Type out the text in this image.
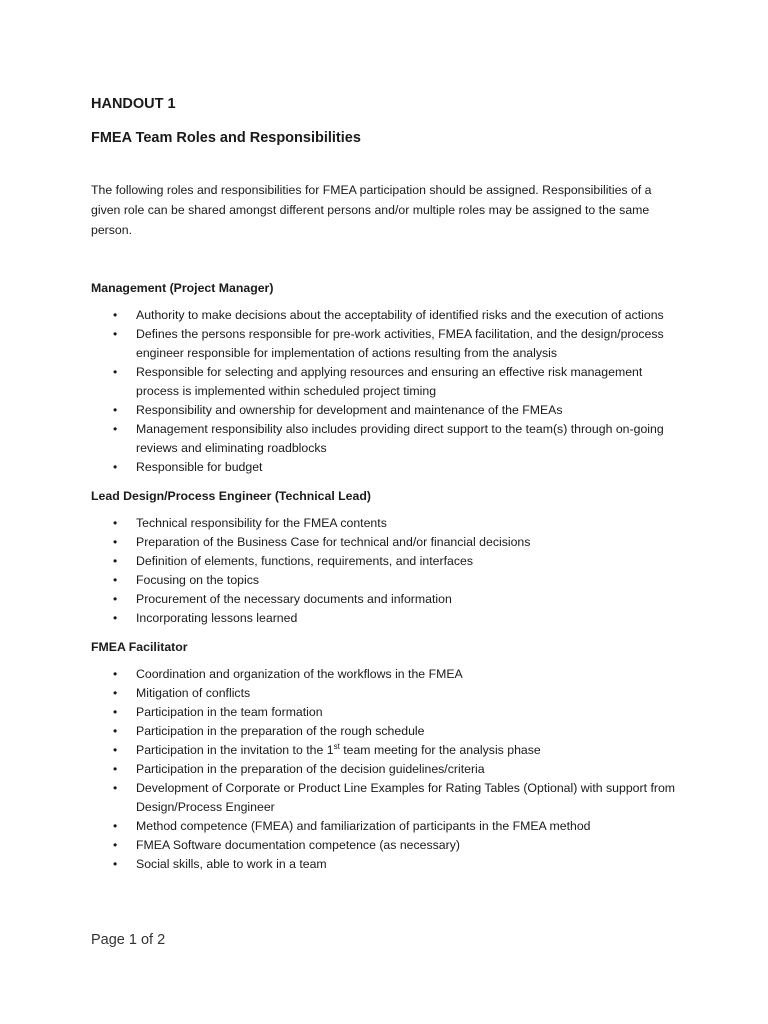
HANDOUT 1
FMEA Team Roles and Responsibilities

The following roles and responsibilities for FMEA participation should be assigned. Responsibilities of a given role can be shared amongst different persons and/or multiple roles may be assigned to the same person.

Management (Project Manager)
• Authority to make decisions about the acceptability of identified risks and the execution of actions
• Defines the persons responsible for pre-work activities, FMEA facilitation, and the design/process engineer responsible for implementation of actions resulting from the analysis
• Responsible for selecting and applying resources and ensuring an effective risk management process is implemented within scheduled project timing
• Responsibility and ownership for development and maintenance of the FMEAs
• Management responsibility also includes providing direct support to the team(s) through on-going reviews and eliminating roadblocks
• Responsible for budget
Lead Design/Process Engineer (Technical Lead)
• Technical responsibility for the FMEA contents
• Preparation of the Business Case for technical and/or financial decisions
• Definition of elements, functions, requirements, and interfaces
• Focusing on the topics
• Procurement of the necessary documents and information
• Incorporating lessons learned
FMEA Facilitator
• Coordination and organization of the workflows in the FMEA
• Mitigation of conflicts
• Participation in the team formation
• Participation in the preparation of the rough schedule
• Participation in the invitation to the 1st team meeting for the analysis phase
• Participation in the preparation of the decision guidelines/criteria
• Development of Corporate or Product Line Examples for Rating Tables (Optional) with support from Design/Process Engineer
• Method competence (FMEA) and familiarization of participants in the FMEA method
• FMEA Software documentation competence (as necessary)
• Social skills, able to work in a team
Page 1 of 2
